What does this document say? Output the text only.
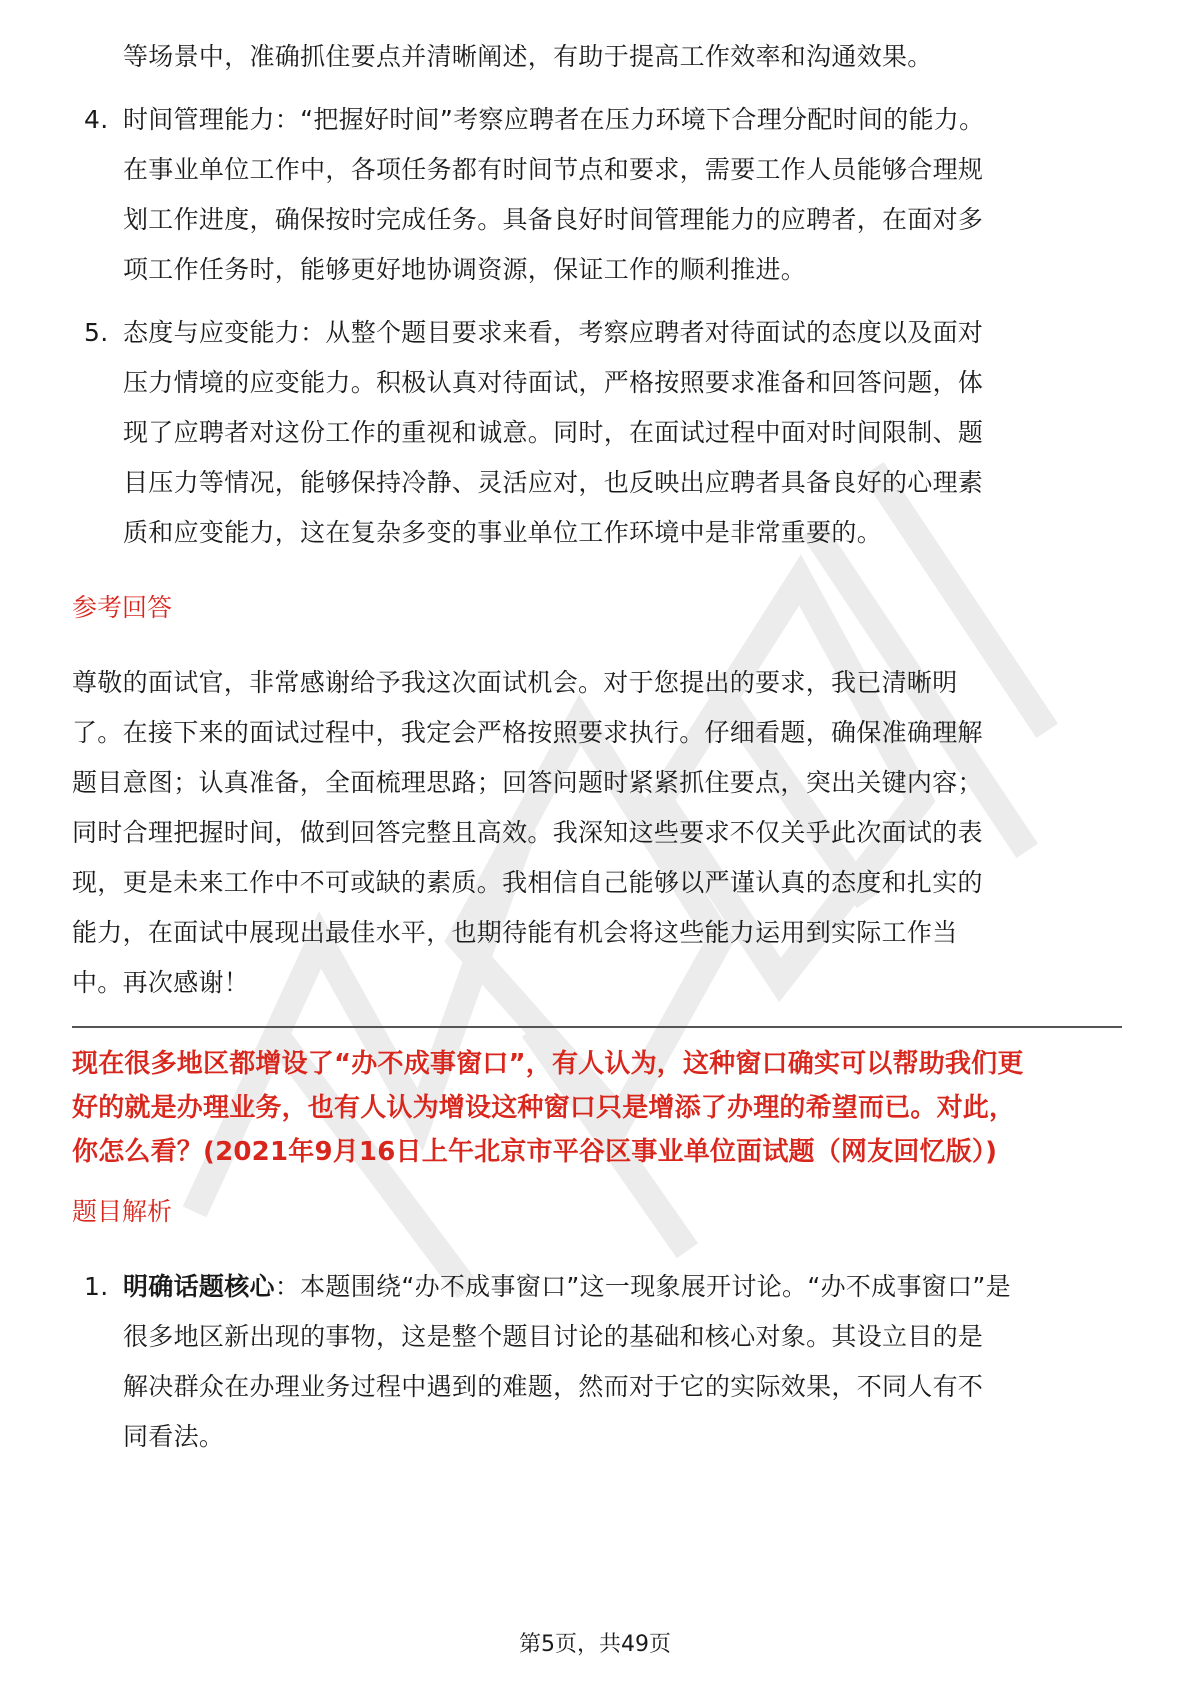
等场景中，准确抓住要点并清晰阐述，有助于提高工作效率和沟通效果。
4. 时间管理能力：“把握好时间”考察应聘者在压力环境下合理分配时间的能力。
在事业单位工作中，各项任务都有时间节点和要求，需要工作人员能够合理规
划工作进度，确保按时完成任务。具备良好时间管理能力的应聘者，在面对多
项工作任务时，能够更好地协调资源，保证工作的顺利推进。
5. 态度与应变能力：从整个题目要求来看，考察应聘者对待面试的态度以及面对
压力情境的应变能力。积极认真对待面试，严格按照要求准备和回答问题，体
现了应聘者对这份工作的重视和诚意。同时，在面试过程中面对时间限制、题
目压力等情况，能够保持冷静、灵活应对，也反映出应聘者具备良好的心理素
质和应变能力，这在复杂多变的事业单位工作环境中是非常重要的。
参考回答
尊敬的面试官，非常感谢给予我这次面试机会。对于您提出的要求，我已清晰明
了。在接下来的面试过程中，我定会严格按照要求执行。仔细看题，确保准确理解
题目意图；认真准备，全面梳理思路；回答问题时紧紧抓住要点，突出关键内容；
同时合理把握时间，做到回答完整且高效。我深知这些要求不仅关乎此次面试的表
现，更是未来工作中不可或缺的素质。我相信自己能够以严谨认真的态度和扎实的
能力，在面试中展现出最佳水平，也期待能有机会将这些能力运用到实际工作当
中。再次感谢！
现在很多地区都增设了“办不成事窗口”，有人认为，这种窗口确实可以帮助我们更
好的就是办理业务，也有人认为增设这种窗口只是增添了办理的希望而已。对此，
你怎么看？(2021年9月16日上午北京市平谷区事业单位面试题（网友回忆版）)
题目解析
1. 明确话题核心：本题围绕“办不成事窗口”这一现象展开讨论。“办不成事窗口”是
很多地区新出现的事物，这是整个题目讨论的基础和核心对象。其设立目的是
解决群众在办理业务过程中遇到的难题，然而对于它的实际效果，不同人有不
同看法。
第5页，共49页
